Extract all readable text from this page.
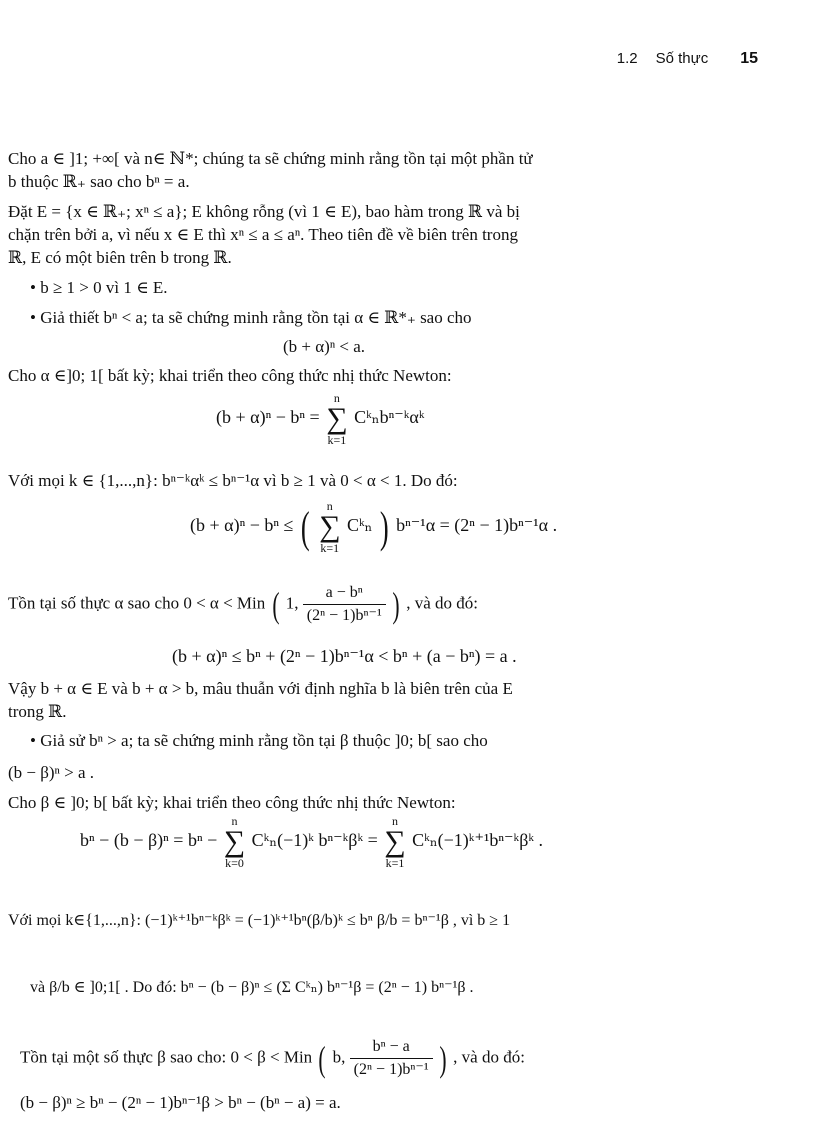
1.2 Số thực 15
Cho a ∈ ]1; +∞[ và n∈ ℕ*; chúng ta sẽ chứng minh rằng tồn tại một phần tử
b thuộc ℝ₊ sao cho bⁿ = a.
Đặt E = {x ∈ ℝ₊; xⁿ ≤ a}; E không rỗng (vì 1 ∈ E), bao hàm trong ℝ và bị
chặn trên bởi a, vì nếu x ∈ E thì xⁿ ≤ a ≤ aⁿ. Theo tiên đề về biên trên trong
ℝ, E có một biên trên b trong ℝ.
• b ≥ 1 > 0 vì 1 ∈ E.
• Giả thiết bⁿ < a; ta sẽ chứng minh rằng tồn tại α ∈ ℝ*₊ sao cho
(b + α)ⁿ < a.
Cho α ∈]0; 1[ bất kỳ; khai triển theo công thức nhị thức Newton:
(b + α)ⁿ − bⁿ =
n
∑
k=1
Cᵏₙbⁿ⁻ᵏαᵏ
Với mọi k ∈ {1,...,n}: bⁿ⁻ᵏαᵏ ≤ bⁿ⁻¹α vì b ≥ 1 và 0 < α < 1. Do đó:
(b + α)ⁿ − bⁿ ≤ (	n
∑
k=1
Cᵏₙ ) bⁿ⁻¹α = (2ⁿ − 1)bⁿ⁻¹α .
Tồn tại số thực α sao cho 0 < α < Min ( 1, $\frac{\text{a − bⁿ}}{\text{(2ⁿ − 1)bⁿ⁻¹}}$ ) , và do đó:
(b + α)ⁿ ≤ bⁿ + (2ⁿ − 1)bⁿ⁻¹α < bⁿ + (a − bⁿ) = a .
Vậy b + α ∈ E và b + α > b, mâu thuẫn với định nghĩa b là biên trên của E
trong ℝ.
• Giả sử bⁿ > a; ta sẽ chứng minh rằng tồn tại β thuộc ]0; b[ sao cho
(b − β)ⁿ > a .
Cho β ∈ ]0; b[ bất kỳ; khai triển theo công thức nhị thức Newton:
bⁿ − (b − β)ⁿ = bⁿ −
n
∑
k=0
Cᵏₙ(−1)ᵏ bⁿ⁻ᵏβᵏ =
n
∑
k=1
Cᵏₙ(−1)ᵏ⁺¹bⁿ⁻ᵏβᵏ .
Với mọi k∈{1,...,n}: (−1)ᵏ⁺¹bⁿ⁻ᵏβᵏ = (−1)ᵏ⁺¹bⁿ(β/b)ᵏ ≤ bⁿ β/b = bⁿ⁻¹β , vì b ≥ 1
và β/b ∈ ]0;1[ . Do đó: bⁿ − (b − β)ⁿ ≤ (Σ Cᵏₙ) bⁿ⁻¹β = (2ⁿ − 1) bⁿ⁻¹β .
Tồn tại một số thực β sao cho: 0 < β < Min ( b, $\frac{\text{bⁿ − a}}{\text{(2ⁿ − 1)bⁿ⁻¹}}$ ) , và do đó:
(b − β)ⁿ ≥ bⁿ − (2ⁿ − 1)bⁿ⁻¹β > bⁿ − (bⁿ − a) = a.
